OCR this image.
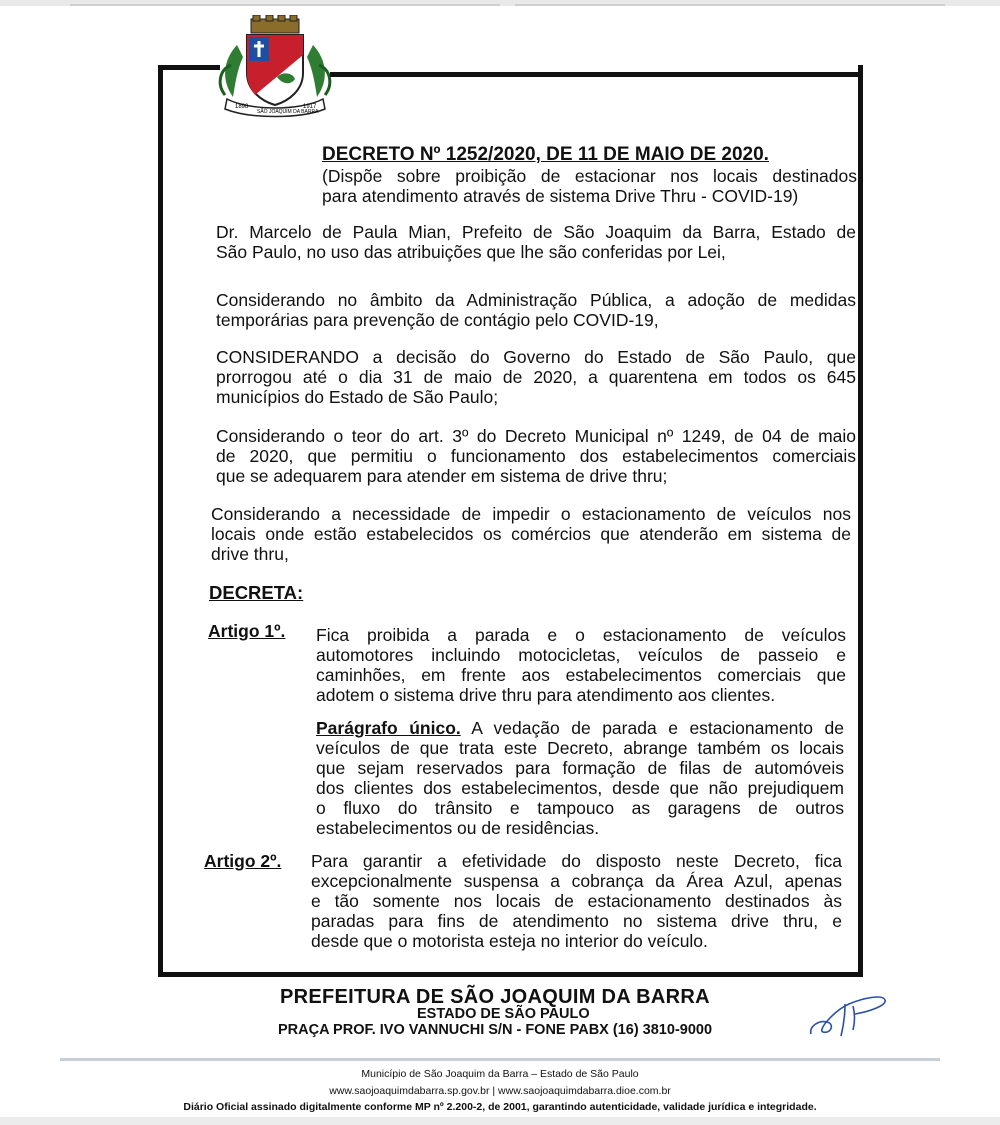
1898
SÃO JOAQUIM DA BARRA
1917

DECRETO Nº 1252/2020, DE 11 DE MAIO DE 2020.

(Dispõe sobre proibição de estacionar nos locais destinados
para atendimento através de sistema Drive Thru - COVID-19)
Dr. Marcelo de Paula Mian, Prefeito de São Joaquim da Barra, Estado de
São Paulo, no uso das atribuições que lhe são conferidas por Lei,
Considerando no âmbito da Administração Pública, a adoção de medidas
temporárias para prevenção de contágio pelo COVID-19,
CONSIDERANDO a decisão do Governo do Estado de São Paulo, que
prorrogou até o dia 31 de maio de 2020, a quarentena em todos os 645
municípios do Estado de São Paulo;
Considerando o teor do art. 3º do Decreto Municipal nº 1249, de 04 de maio
de 2020, que permitiu o funcionamento dos estabelecimentos comerciais
que se adequarem para atender em sistema de drive thru;
Considerando a necessidade de impedir o estacionamento de veículos nos
locais onde estão estabelecidos os comércios que atenderão em sistema de
drive thru,
DECRETA:
Artigo 1º. Fica proibida a parada e o estacionamento de veículos
automotores incluindo motocicletas, veículos de passeio e
caminhões, em frente aos estabelecimentos comerciais que
adotem o sistema drive thru para atendimento aos clientes.
Parágrafo único. A vedação de parada e estacionamento de
veículos de que trata este Decreto, abrange também os locais
que sejam reservados para formação de filas de automóveis
dos clientes dos estabelecimentos, desde que não prejudiquem
o fluxo do trânsito e tampouco as garagens de outros
estabelecimentos ou de residências.
Artigo 2º. Para garantir a efetividade do disposto neste Decreto, fica
excepcionalmente suspensa a cobrança da Área Azul, apenas
e tão somente nos locais de estacionamento destinados às
paradas para fins de atendimento no sistema drive thru, e
desde que o motorista esteja no interior do veículo.
PREFEITURA DE SÃO JOAQUIM DA BARRA
ESTADO DE SÃO PAULO
PRAÇA PROF. IVO VANNUCHI S/N - FONE PABX (16) 3810-9000
Município de São Joaquim da Barra – Estado de São Paulo
www.saojoaquimdabarra.sp.gov.br | www.saojoaquimdabarra.dioe.com.br
Diário Oficial assinado digitalmente conforme MP nº 2.200-2, de 2001, garantindo autenticidade, validade jurídica e integridade.
